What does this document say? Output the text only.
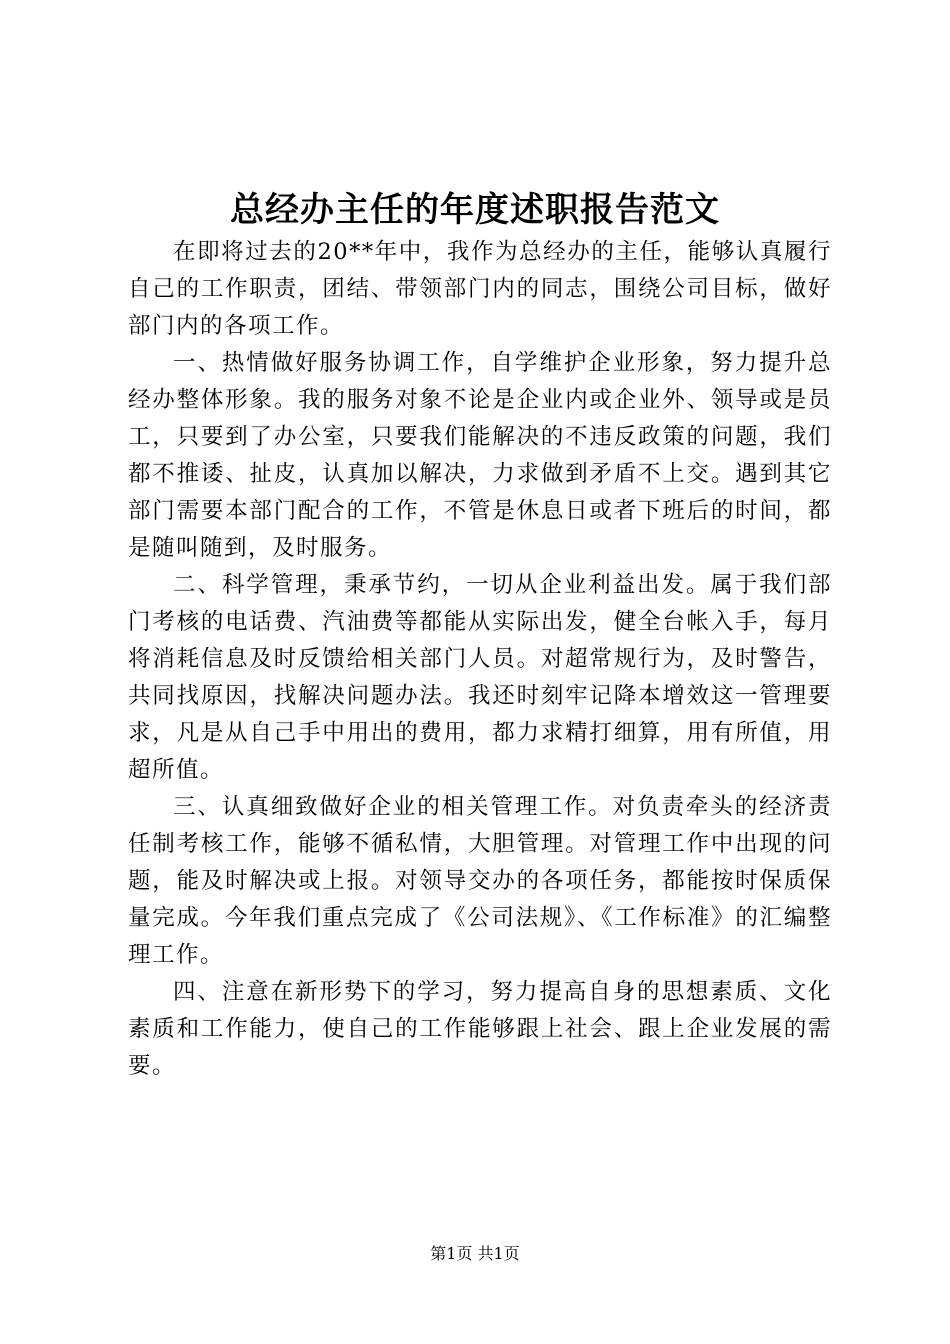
总经办主任的年度述职报告范文

在即将过去的20**年中，我作为总经办的主任，能够认真履行自己的工作职责，团结、带领部门内的同志，围绕公司目标，做好部门内的各项工作。

一、热情做好服务协调工作，自学维护企业形象，努力提升总经办整体形象。我的服务对象不论是企业内或企业外、领导或是员工，只要到了办公室，只要我们能解决的不违反政策的问题，我们都不推诿、扯皮，认真加以解决，力求做到矛盾不上交。遇到其它部门需要本部门配合的工作，不管是休息日或者下班后的时间，都是随叫随到，及时服务。

二、科学管理，秉承节约，一切从企业利益出发。属于我们部门考核的电话费、汽油费等都能从实际出发，健全台帐入手，每月将消耗信息及时反馈给相关部门人员。对超常规行为，及时警告，共同找原因，找解决问题办法。我还时刻牢记降本增效这一管理要求，凡是从自己手中用出的费用，都力求精打细算，用有所值，用超所值。

三、认真细致做好企业的相关管理工作。对负责牵头的经济责任制考核工作，能够不循私情，大胆管理。对管理工作中出现的问题，能及时解决或上报。对领导交办的各项任务，都能按时保质保量完成。今年我们重点完成了《公司法规》、《工作标准》的汇编整理工作。

四、注意在新形势下的学习，努力提高自身的思想素质、文化素质和工作能力，使自己的工作能够跟上社会、跟上企业发展的需要。

第1页 共1页
